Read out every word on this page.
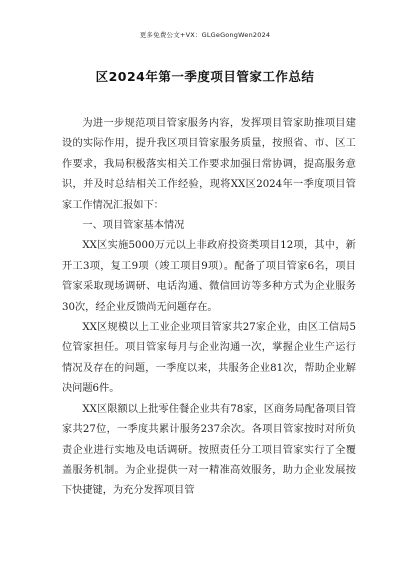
更多免费公文+VX：GLGeGongWen2024
区2024年第一季度项目管家工作总结

为进一步规范项目管家服务内容，发挥项目管家助推项目建设的实际作用，提升我区项目管家服务质量，按照省、市、区工作要求，我局积极落实相关工作要求加强日常协调，提高服务意识，并及时总结相关工作经验，现将XX区2024年一季度项目管家工作情况汇报如下：

一、项目管家基本情况

XX区实施5000万元以上非政府投资类项目12项，其中，新开工3项，复工9项（竣工项目9项）。配备了项目管家6名，项目管家采取现场调研、电话沟通、微信回访等多种方式为企业服务30次，经企业反馈尚无问题存在。

XX区规模以上工业企业项目管家共27家企业，由区工信局5位管家担任。项目管家每月与企业沟通一次，掌握企业生产运行情况及存在的问题，一季度以来，共服务企业81次，帮助企业解决问题6件。

XX区限额以上批零住餐企业共有78家，区商务局配备项目管家共27位，一季度共累计服务237余次。各项目管家按时对所负责企业进行实地及电话调研。按照责任分工项目管家实行了全覆盖服务机制。为企业提供一对一精准高效服务，助力企业发展按下快捷键，为充分发挥项目管
